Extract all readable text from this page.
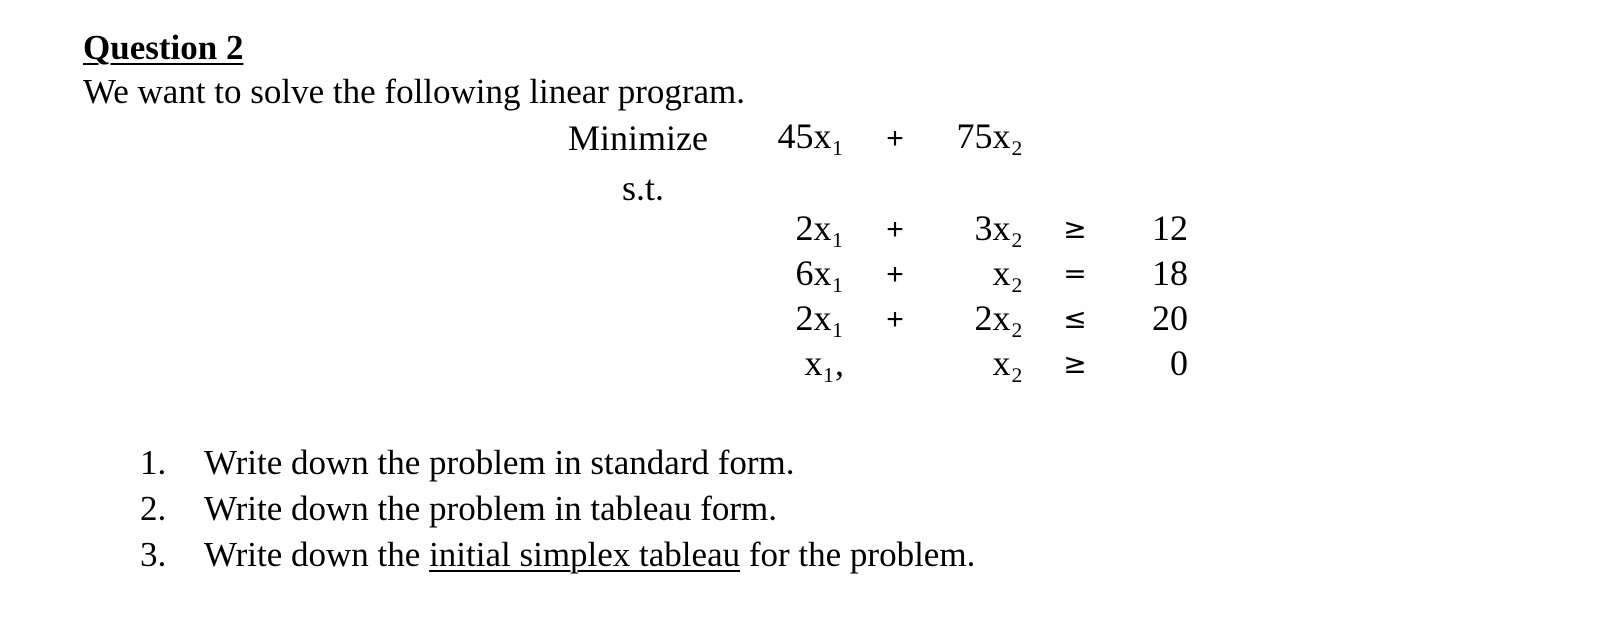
Question 2
We want to solve the following linear program.
Minimize	45x₁	+	75x₂
s.t.
2x₁	+	3x₂ ≥	12
6x₁	+	x₂ =	18
2x₁	+	2x₂ ≤	20
x₁,	x₂ ≥	0
1. Write down the problem in standard form.
2. Write down the problem in tableau form.
3. Write down the initial simplex tableau for the problem.
